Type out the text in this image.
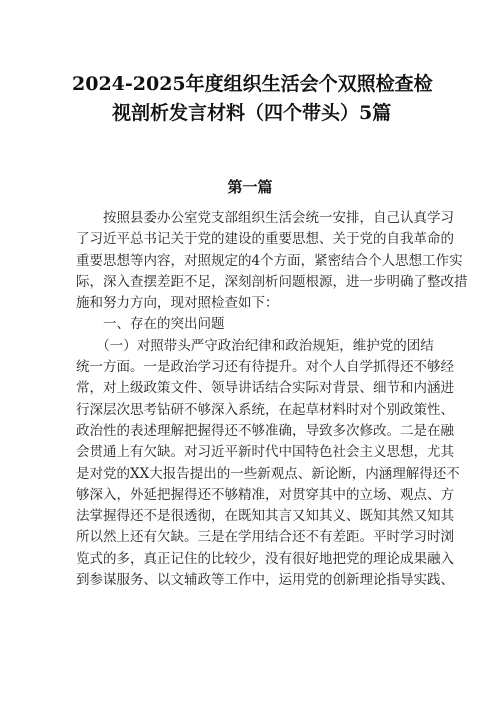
2024-2025年度组织生活会个双照检查检
视剖析发言材料（四个带头）5篇
第一篇
　　按照县委办公室党支部组织生活会统一安排，自己认真学习
了习近平总书记关于党的建设的重要思想、关于党的自我革命的
重要思想等内容，对照规定的4个方面，紧密结合个人思想工作实
际，深入查摆差距不足，深刻剖析问题根源，进一步明确了整改措
施和努力方向，现对照检查如下：
　　一、存在的突出问题
　　（一）对照带头严守政治纪律和政治规矩，维护党的团结
统一方面。一是政治学习还有待提升。对个人自学抓得还不够经
常，对上级政策文件、领导讲话结合实际对背景、细节和内涵进
行深层次思考钻研不够深入系统，在起草材料时对个别政策性、
政治性的表述理解把握得还不够准确，导致多次修改。二是在融
会贯通上有欠缺。对习近平新时代中国特色社会主义思想，尤其
是对党的XX大报告提出的一些新观点、新论断，内涵理解得还不
够深入，外延把握得还不够精准，对贯穿其中的立场、观点、方
法掌握得还不是很透彻，在既知其言又知其义、既知其然又知其
所以然上还有欠缺。三是在学用结合还不有差距。平时学习时浏
览式的多，真正记住的比较少，没有很好地把党的理论成果融入
到参谋服务、以文辅政等工作中，运用党的创新理论指导实践、
